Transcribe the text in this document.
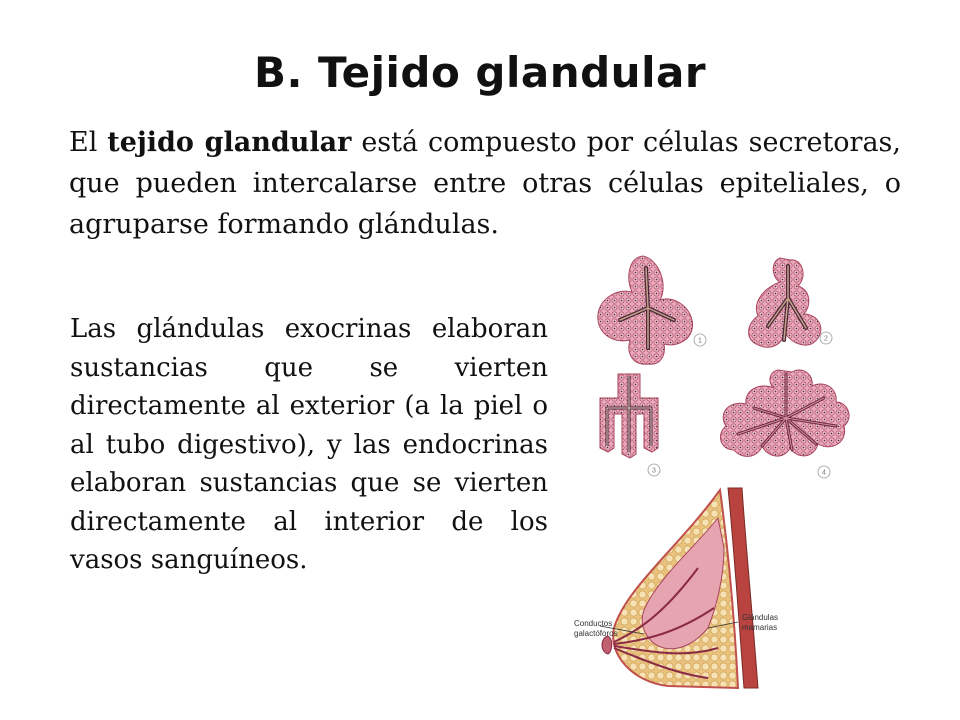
B. Tejido glandular
El tejido glandular está compuesto por células secretoras, que pueden intercalarse entre otras células epiteliales, o agruparse formando glándulas.
Las glándulas exocrinas elaboran sustancias que se vierten directamente al exterior (a la piel o al tubo digestivo), y las endocrinas elaboran sustancias que se vierten directamente al interior de los vasos sanguíneos.
1	2
3	4
Conductos
galactóforos
Glándulas
mamarias
